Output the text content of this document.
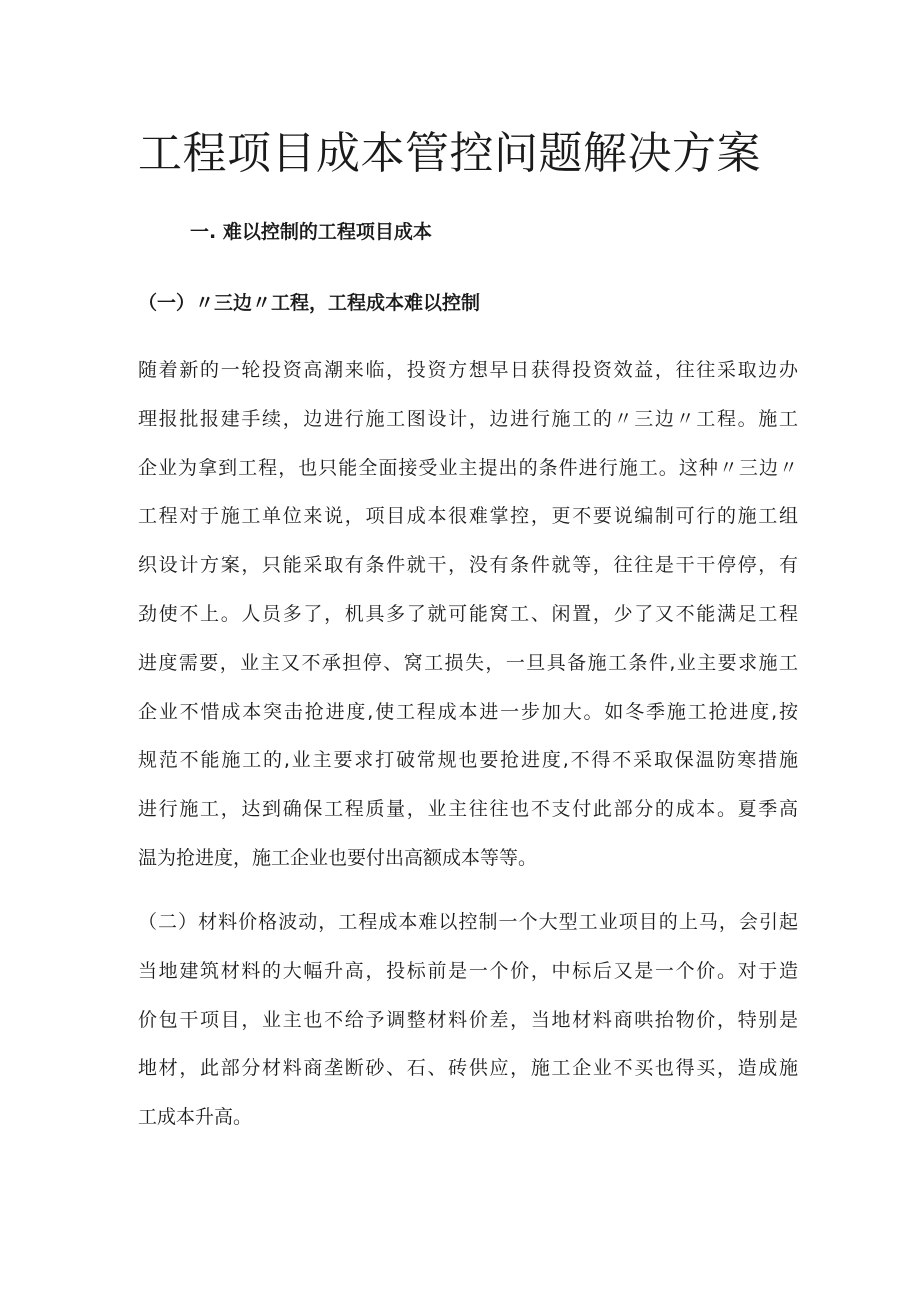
工程项目成本管控问题解决方案
一. 难以控制的工程项目成本
（一）〃三边〃工程，工程成本难以控制
随着新的一轮投资高潮来临，投资方想早日获得投资效益，往往采取边办
理报批报建手续，边进行施工图设计，边进行施工的〃三边〃工程。施工
企业为拿到工程，也只能全面接受业主提出的条件进行施工。这种〃三边〃
工程对于施工单位来说，项目成本很难掌控，更不要说编制可行的施工组
织设计方案，只能采取有条件就干，没有条件就等，往往是干干停停，有
劲使不上。人员多了，机具多了就可能窝工、闲置，少了又不能满足工程
进度需要，业主又不承担停、窝工损失，一旦具备施工条件,业主要求施工
企业不惜成本突击抢进度,使工程成本进一步加大。如冬季施工抢进度,按
规范不能施工的,业主要求打破常规也要抢进度,不得不采取保温防寒措施
进行施工，达到确保工程质量，业主往往也不支付此部分的成本。夏季高
温为抢进度，施工企业也要付出高额成本等等。
（二）材料价格波动，工程成本难以控制一个大型工业项目的上马，会引起
当地建筑材料的大幅升高，投标前是一个价，中标后又是一个价。对于造
价包干项目，业主也不给予调整材料价差，当地材料商哄抬物价，特别是
地材，此部分材料商垄断砂、石、砖供应，施工企业不买也得买，造成施
工成本升高。
